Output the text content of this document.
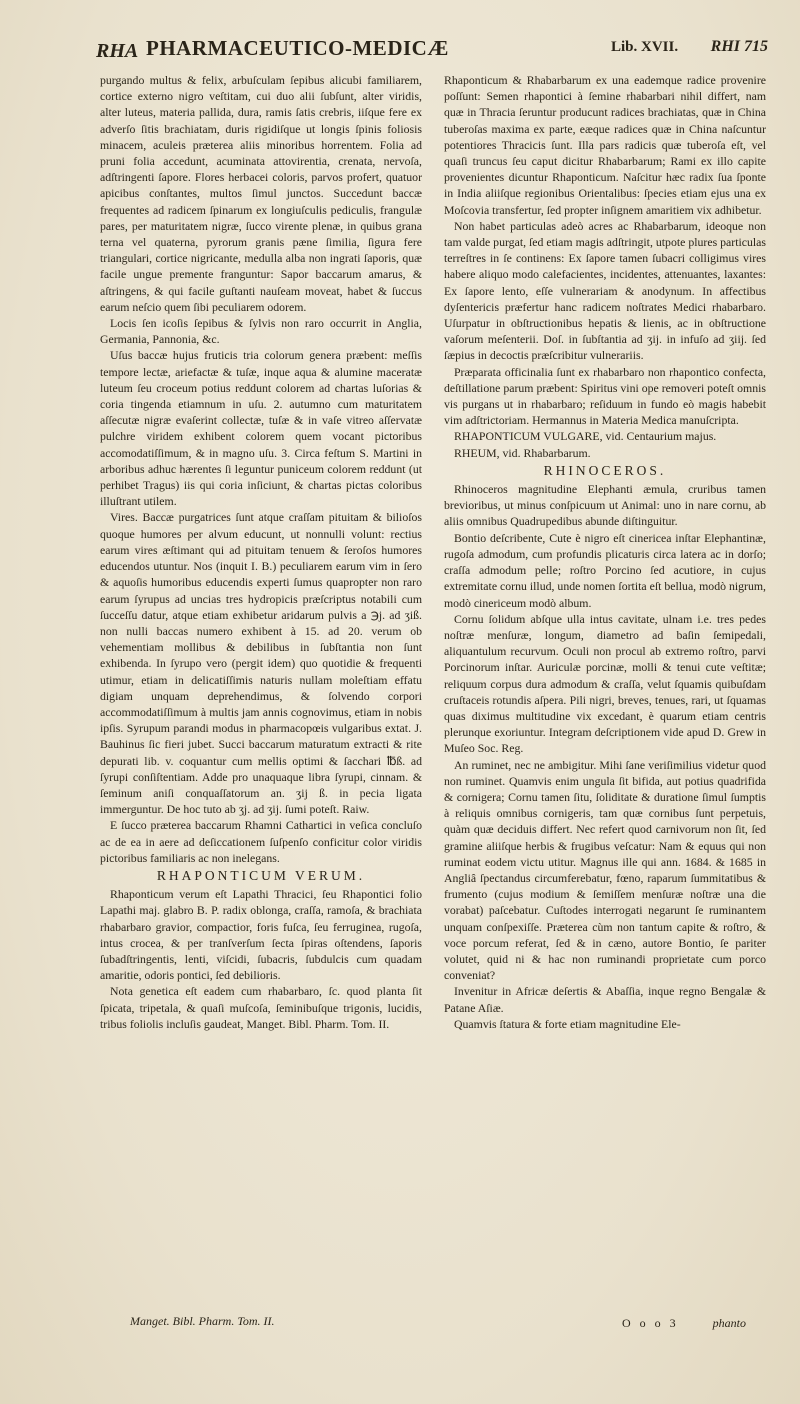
RHA PHARMACEUTICO-MEDICÆ	Lib. XVII. RHI 715

purgando multus & felix, arbuſculam ſepibus alicubi familiarem, cortice externo nigro veſtitam, cui duo alii ſubſunt, alter viridis, alter luteus, materia pallida, dura, ramis ſatis crebris, iiſque fere ex adverſo ſitis brachiatam, duris rigidiſque ut longis ſpinis foliosis minacem, aculeis præterea aliis minoribus horrentem. Folia ad pruni folia accedunt, acuminata attovirentia, crenata, nervoſa, adſtringenti ſapore. Flores herbacei coloris, parvos profert, quatuor apicibus conſtantes, multos ſimul junctos. Succedunt baccæ frequentes ad radicem ſpinarum ex longiuſculis pediculis, frangulæ pares, per maturitatem nigræ, ſucco virente plenæ, in quibus grana terna vel quaterna, pyrorum granis pæne ſimilia, ſigura fere triangulari, cortice nigricante, medulla alba non ingrati ſaporis, quæ facile ungue premente franguntur: Sapor baccarum amarus, & aſtringens, & qui facile guſtanti nauſeam moveat, habet & ſuccus earum neſcio quem ſibi peculiarem odorem.

Locis ſen icoſis ſepibus & ſylvis non raro occurrit in Anglia, Germania, Pannonia, &c.

Uſus baccæ hujus fruticis tria colorum genera præbent: meſſis tempore lectæ, ariefactæ & tuſæ, inque aqua & alumine maceratæ luteum ſeu croceum potius reddunt colorem ad chartas luſorias & coria tingenda etiamnum in uſu. 2. autumno cum maturitatem aſſecutæ nigræ evaſerint collectæ, tuſæ & in vaſe vitreo aſſervatæ pulchre viridem exhibent colorem quem vocant pictoribus accomodatiſſimum, & in magno uſu. 3. Circa feſtum S. Martini in arboribus adhuc hærentes ſi leguntur puniceum colorem reddunt (ut perhibet Tragus) iis qui coria inſiciunt, & chartas pictas coloribus illuſtrant utilem.

Vires. Baccæ purgatrices ſunt atque craſſam pituitam & bilioſos quoque humores per alvum educunt, ut nonnulli volunt: rectius earum vires æſtimant qui ad pituitam tenuem & ſeroſos humores educendos utuntur. Nos (inquit I. B.) peculiarem earum vim in ſero & aquoſis humoribus educendis experti ſumus quapropter non raro earum ſyrupus ad uncias tres hydropicis præſcriptus notabili cum ſucceſſu datur, atque etiam exhibetur aridarum pulvis a ℈j. ad ʒiß. non nulli baccas numero exhibent à 15. ad 20. verum ob vehementiam mollibus & debilibus in ſubſtantia non ſunt exhibenda. In ſyrupo vero (pergit idem) quo quotidie & frequenti utimur, etiam in delicatiſſimis naturis nullam moleſtiam effatu digiam unquam deprehendimus, & ſolvendo corpori accommodatiſſimum à multis jam annis cognovimus, etiam in nobis ipſis. Syrupum parandi modus in pharmacopœis vulgaribus extat. J. Bauhinus ſic fieri jubet. Succi baccarum maturatum extracti & rite depurati lib. v. coquantur cum mellis optimi & ſacchari ℔ß. ad ſyrupi conſiſtentiam. Adde pro unaquaque libra ſyrupi, cinnam. & ſeminum aniſi conquaſſatorum an. ʒij ß. in pecia ligata immerguntur. De hoc tuto ab ʒj. ad ʒij. ſumi poteſt. Raiw.

E ſucco præterea baccarum Rhamni Cathartici in veſica concluſo ac de ea in aere ad deſiccationem ſuſpenſo conficitur color viridis pictoribus familiaris ac non inelegans.

RHAPONTICUM VERUM.

Rhaponticum verum eſt Lapathi Thracici, ſeu Rhapontici folio Lapathi maj. glabro B. P. radix oblonga, craſſa, ramoſa, & brachiata rhabarbaro gravior, compactior, foris fuſca, ſeu ferruginea, rugoſa, intus crocea, & per tranſverſum ſecta ſpiras oſtendens, ſaporis ſubadſtringentis, lenti, viſcidi, ſubacris, ſubdulcis cum quadam amaritie, odoris pontici, ſed debilioris.

Nota genetica eſt eadem cum rhabarbaro, ſc. quod planta ſit ſpicata, tripetala, & quaſi muſcoſa, ſeminibuſque trigonis, lucidis, tribus foliolis incluſis gaudeat, Manget. Bibl. Pharm. Tom. II.

Rhaponticum & Rhabarbarum ex una eademque radice provenire poſſunt: Semen rhapontici à ſemine rhabarbari nihil differt, nam quæ in Thracia ſeruntur producunt radices brachiatas, quæ in China tuberoſas maxima ex parte, eæque radices quæ in China naſcuntur potentiores Thracicis ſunt. Illa pars radicis quæ tuberoſa eſt, vel quaſi truncus ſeu caput dicitur Rhabarbarum; Rami ex illo capite provenientes dicuntur Rhaponticum. Naſcitur hæc radix ſua ſponte in India aliiſque regionibus Orientalibus: ſpecies etiam ejus una ex Moſcovia transfertur, ſed propter inſignem amaritiem vix adhibetur.

Non habet particulas adeò acres ac Rhabarbarum, ideoque non tam valde purgat, ſed etiam magis adſtringit, utpote plures particulas terreſtres in ſe continens: Ex ſapore tamen ſubacri colligimus vires habere aliquo modo calefacientes, incidentes, attenuantes, laxantes: Ex ſapore lento, eſſe vulnerariam & anodynum. In affectibus dyſentericis præfertur hanc radicem noſtrates Medici rhabarbaro. Uſurpatur in obſtructionibus hepatis & lienis, ac in obſtructione vaſorum meſenterii. Doſ. in ſubſtantia ad ʒij. in infuſo ad ʒiij. ſed ſæpius in decoctis præſcribitur vulnerariis.

Præparata officinalia ſunt ex rhabarbaro non rhapontico confecta, deſtillatione parum præbent: Spiritus vini ope removeri poteſt omnis vis purgans ut in rhabarbaro; reſiduum in fundo eò magis habebit vim adſtrictoriam. Hermannus in Materia Medica manuſcripta.

RHAPONTICUM VULGARE, vid. Centaurium majus.

RHEUM, vid. Rhabarbarum.

RHINOCEROS.

Rhinoceros magnitudine Elephanti æmula, cruribus tamen brevioribus, ut minus conſpicuum ut Animal: uno in nare cornu, ab aliis omnibus Quadrupedibus abunde diſtinguitur.

Bontio deſcribente, Cute è nigro eſt cinericea inſtar Elephantinæ, rugoſa admodum, cum profundis plicaturis circa latera ac in dorſo; craſſa admodum pelle; roſtro Porcino ſed acutiore, in cujus extremitate cornu illud, unde nomen ſortita eſt bellua, modò nigrum, modò cinericeum modò album.

Cornu ſolidum abſque ulla intus cavitate, ulnam i.e. tres pedes noſtræ menſuræ, longum, diametro ad baſin ſemipedali, aliquantulum recurvum. Oculi non procul ab extremo roſtro, parvi Porcinorum inſtar. Auriculæ porcinæ, molli & tenui cute veſtitæ; reliquum corpus dura admodum & craſſa, velut ſquamis quibuſdam cruſtaceis rotundis aſpera. Pili nigri, breves, tenues, rari, ut ſquamas quas diximus multitudine vix excedant, è quarum etiam centris plerunque exoriuntur. Integram deſcriptionem vide apud D. Grew in Muſeo Soc. Reg.

An ruminet, nec ne ambigitur. Mihi ſane veriſimilius videtur quod non ruminet. Quamvis enim ungula ſit bifida, aut potius quadrifida & cornigera; Cornu tamen ſitu, ſoliditate & duratione ſimul ſumptis à reliquis omnibus cornigeris, tam quæ cornibus ſunt perpetuis, quàm quæ deciduis differt. Nec refert quod carnivorum non ſit, ſed gramine aliiſque herbis & frugibus veſcatur: Nam & equus qui non ruminat eodem victu utitur. Magnus ille qui ann. 1684. & 1685 in Angliâ ſpectandus circumferebatur, fœno, raparum ſummitatibus & frumento (cujus modium & ſemiſſem menſuræ noſtræ una die vorabat) paſcebatur. Cuſtodes interrogati negarunt ſe ruminantem unquam conſpexiſſe. Præterea cùm non tantum capite & roſtro, & voce porcum referat, ſed & in cæno, autore Bontio, ſe pariter volutet, quid ni & hac non ruminandi proprietate cum porco conveniat?

Invenitur in Africæ deſertis & Abaſſia, inque regno Bengalæ & Patane Aſiæ.

Quamvis ſtatura & forte etiam magnitudine Ele-

Manget. Bibl. Pharm. Tom. II.	O o o 3	phanto
